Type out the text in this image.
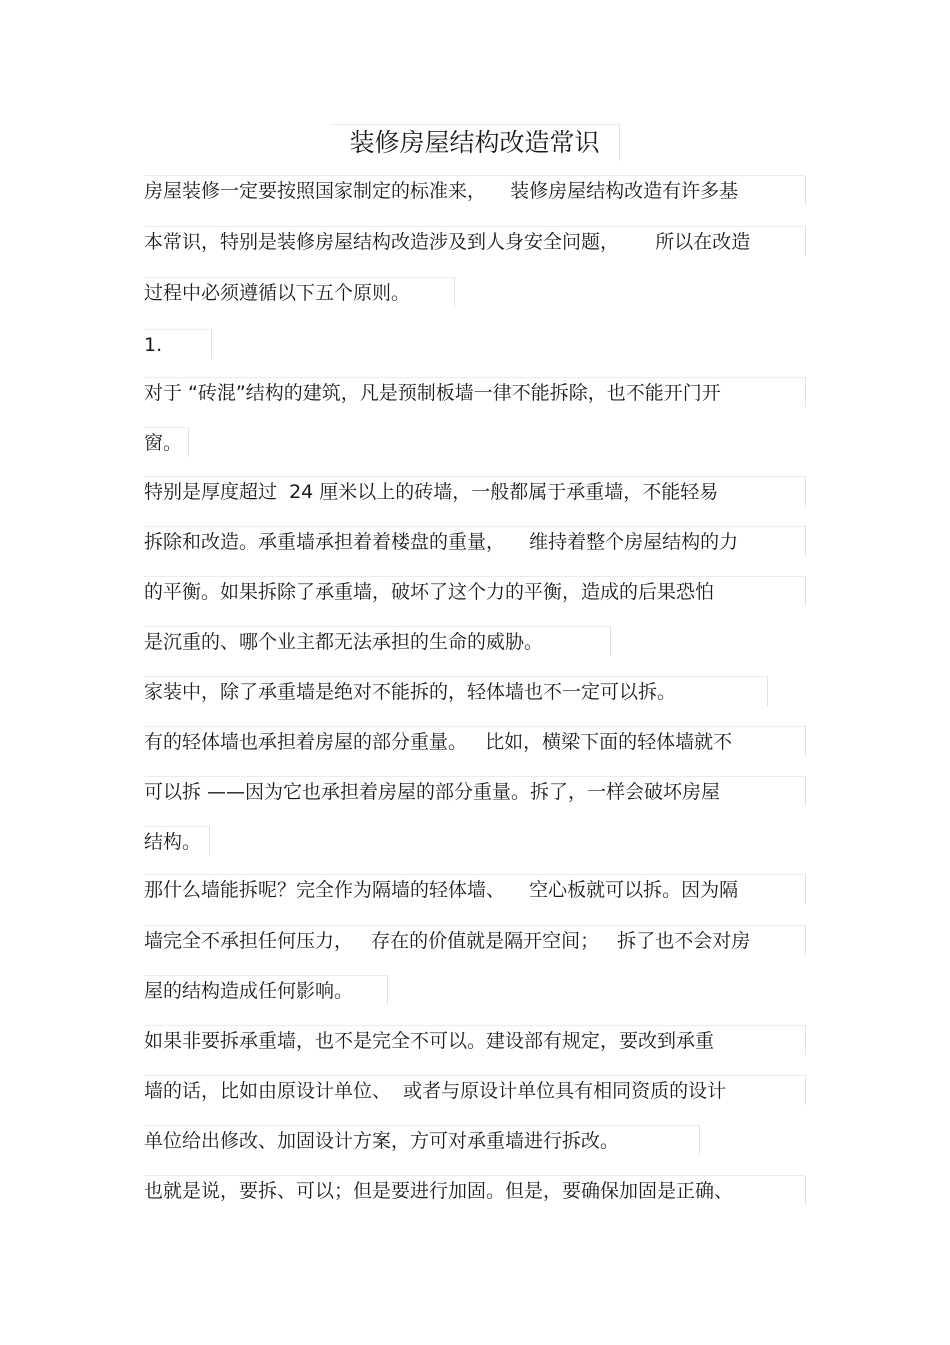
装修房屋结构改造常识
房屋装修一定要按照国家制定的标准来，    装修房屋结构改造有许多基
本常识，特别是装修房屋结构改造涉及到人身安全问题，      所以在改造
过程中必须遵循以下五个原则。
1.
对于 “砖混”结构的建筑，凡是预制板墙一律不能拆除，也不能开门开
窗。
特别是厚度超过  24 厘米以上的砖墙，一般都属于承重墙，不能轻易
拆除和改造。承重墙承担着着楼盘的重量，    维持着整个房屋结构的力
的平衡。如果拆除了承重墙，破坏了这个力的平衡，造成的后果恐怕
是沉重的、哪个业主都无法承担的生命的威胁。
家装中，除了承重墙是绝对不能拆的，轻体墙也不一定可以拆。
有的轻体墙也承担着房屋的部分重量。   比如，横梁下面的轻体墙就不
可以拆 ——因为它也承担着房屋的部分重量。拆了，一样会破坏房屋
结构。
那什么墙能拆呢？完全作为隔墙的轻体墙、    空心板就可以拆。因为隔
墙完全不承担任何压力，   存在的价值就是隔开空间；   拆了也不会对房
屋的结构造成任何影响。
如果非要拆承重墙，也不是完全不可以。建设部有规定，要改到承重
墙的话，比如由原设计单位、  或者与原设计单位具有相同资质的设计
单位给出修改、加固设计方案，方可对承重墙进行拆改。
也就是说，要拆、可以；但是要进行加固。但是，要确保加固是正确、
